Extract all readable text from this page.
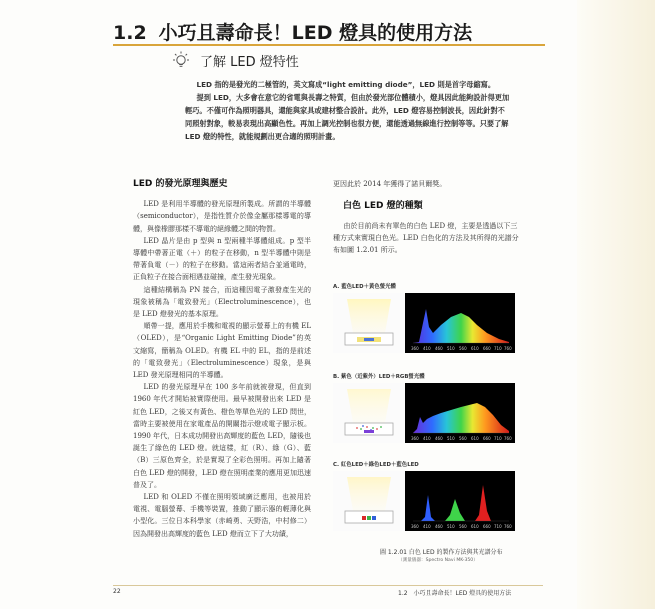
1.2 小巧且壽命長！LED 燈具的使用方法
了解 LED 燈特性

LED 指的是發光的二極管的，英文寫成“light emitting diode”，LED 則是首字母縮寫。

提到 LED，大多會在意它的省電與長壽之特質，但由於發光部位體積小，燈具因此能夠設計得更加輕巧。不僅可作為照明器具，還能與家具或建材整合設計。此外，LED 燈容易控制波長，因此針對不同照射對象，較易表現出高顯色性。再加上調光控制也很方便，還能透過無線進行控制等等。只要了解 LED 燈的特性，就能規劃出更合適的照明計畫。

LED 的發光原理與歷史

LED 是利用半導體的發光原理所製成。所謂的半導體（semiconductor），是指性質介於像金屬那樣導電的導體，與像橡膠那樣不導電的絕緣體之間的物質。

LED 晶片是由 p 型與 n 型兩種半導體組成。p 型半導體中帶著正電（＋）的粒子在移動，n 型半導體中則是帶著負電（－）的粒子在移動。當這兩者結合並通電時，正負粒子在接合面相遇並碰撞，產生發光現象。

這種結構稱為 PN 接合，而這種因電子激發產生光的現象被稱為「電致發光」（Electroluminescence），也是 LED 燈發光的基本原理。

順帶一提，應用於手機和電視的顯示螢幕上的有機 EL（OLED），是“Organic Light Emitting Diode”的英文縮寫，簡稱為 OLED。有機 EL 中的 EL，指的是前述的「電致發光」（Electroluminescence）現象，是與 LED 發光原理相同的半導體。

LED 的發光原理早在 100 多年前就被發現，但直到 1960 年代才開始被實際使用。最早被開發出來 LED 是紅色 LED，之後又有黃色、橙色等單色光的 LED 問世，當時主要被使用在家電產品的開關指示燈或電子顯示板。1990 年代，日本成功開發出高輝度的藍色 LED，隨後也誕生了綠色的 LED 燈。就這樣，紅（R）、綠（G）、藍（B）三原色齊全，於是實現了全彩色照明。再加上隨著白色 LED 燈的開發，LED 燈在照明產業的應用更加迅速普及了。

LED 和 OLED 不僅在照明領域廣泛應用，也被用於電視、電腦螢幕、手機等裝置，推動了顯示器的輕薄化與小型化。三位日本科學家（赤崎勇、天野浩，中村修二）因為開發出高輝度的藍色 LED 燈而立下了大功績，

更因此於 2014 年獲得了諾貝爾獎。

白色 LED 燈的種類

由於目前尚未有單色的白色 LED 燈，主要是透過以下三種方式來實現白色光。LED 白色化的方法及其所得的光譜分布如圖 1.2.01 所示。

A. 藍色LED＋黃色螢光體
360 410 460 510 560 610 660 710 760
B. 紫色（近紫外）LED＋RGB螢光體
360 410 460 510 560 610 660 710 760
C. 紅色LED＋綠色LED＋藍色LED
360 410 460 510 560 610 660 710 760
圖 1.2.01 白色 LED 的製作方法與其光譜分布
（測量儀器：Spectro Navi MK-350）
22	1.2　小巧且壽命長！LED 燈具的使用方法
